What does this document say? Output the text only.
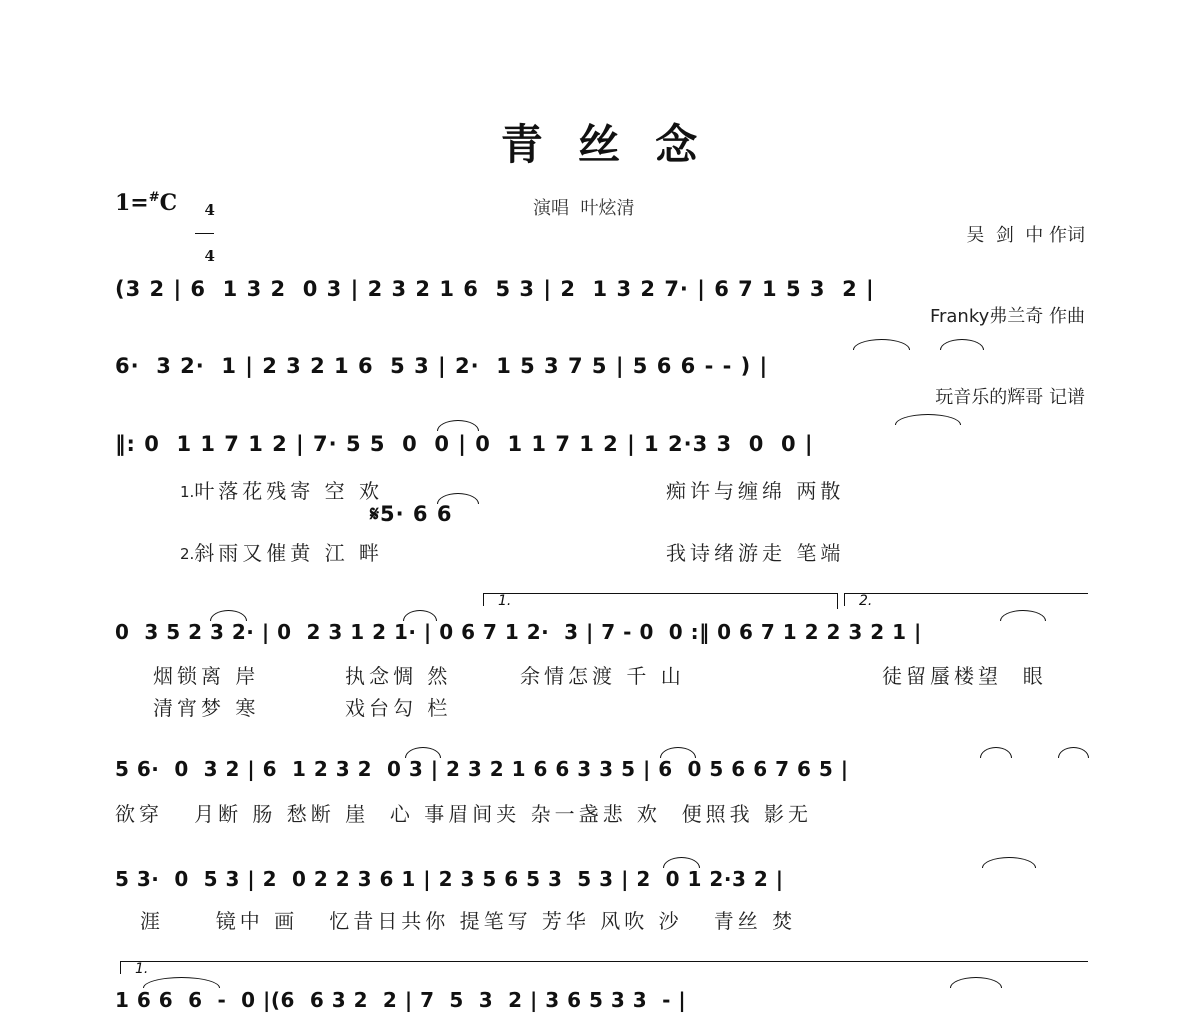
青  丝  念
1=#C	4

4

演唱  叶炫清

吴  剑  中 作词

Franky弗兰奇 作曲

玩音乐的辉哥 记谱

(3 2 | 6  1 3 2  0 3 | 2 3 2 1 6  5 3 | 2  1 3 2 7· | 6 7 1 5 3  2 |
6·  3 2·  1 | 2 3 2 1 6  5 3 | 2·  1 5 3 7 5 | 5 6 6 - - ) |
‖: 0  1 1 7 1 2 | 7· 5 5  0  0 | 0  1 1 7 1 2 | 1 2·3 3  0  0 |
1.叶落花残寄 空 欢	痴许与缠绵 两散
𝄋5· 6 6
2.斜雨又催黄 江 畔	我诗绪游走 笔端
1.	2.
0  3 5 2 3 2· | 0  2 3 1 2 1· | 0 6 7 1 2·  3 | 7 - 0  0 :‖ 0 6 7 1 2 2 3 2 1 |
烟锁离 岸	执念惆 然	余情怎渡 千 山	徒留蜃楼望  眼
清宵梦 寒	戏台勾 栏
5 6·  0  3 2 | 6  1 2 3 2  0 3 | 2 3 2 1 6 6 3 3 5 | 6  0 5 6 6 7 6 5 |
欲穿   月断 肠 愁断 崖  心 事眉间夹 杂一盏悲 欢  便照我 影无
5 3·  0  5 3 | 2  0 2 2 3 6 1 | 2 3 5 6 5 3  5 3 | 2  0 1 2·3 2 |
涯     镜中 画   忆昔日共你 提笔写 芳华 风吹 沙   青丝 焚
1.
1 6 6  6  -  0 |(6  6 3 2  2 | 7  5  3  2 | 3 6 5 3 3  - |
